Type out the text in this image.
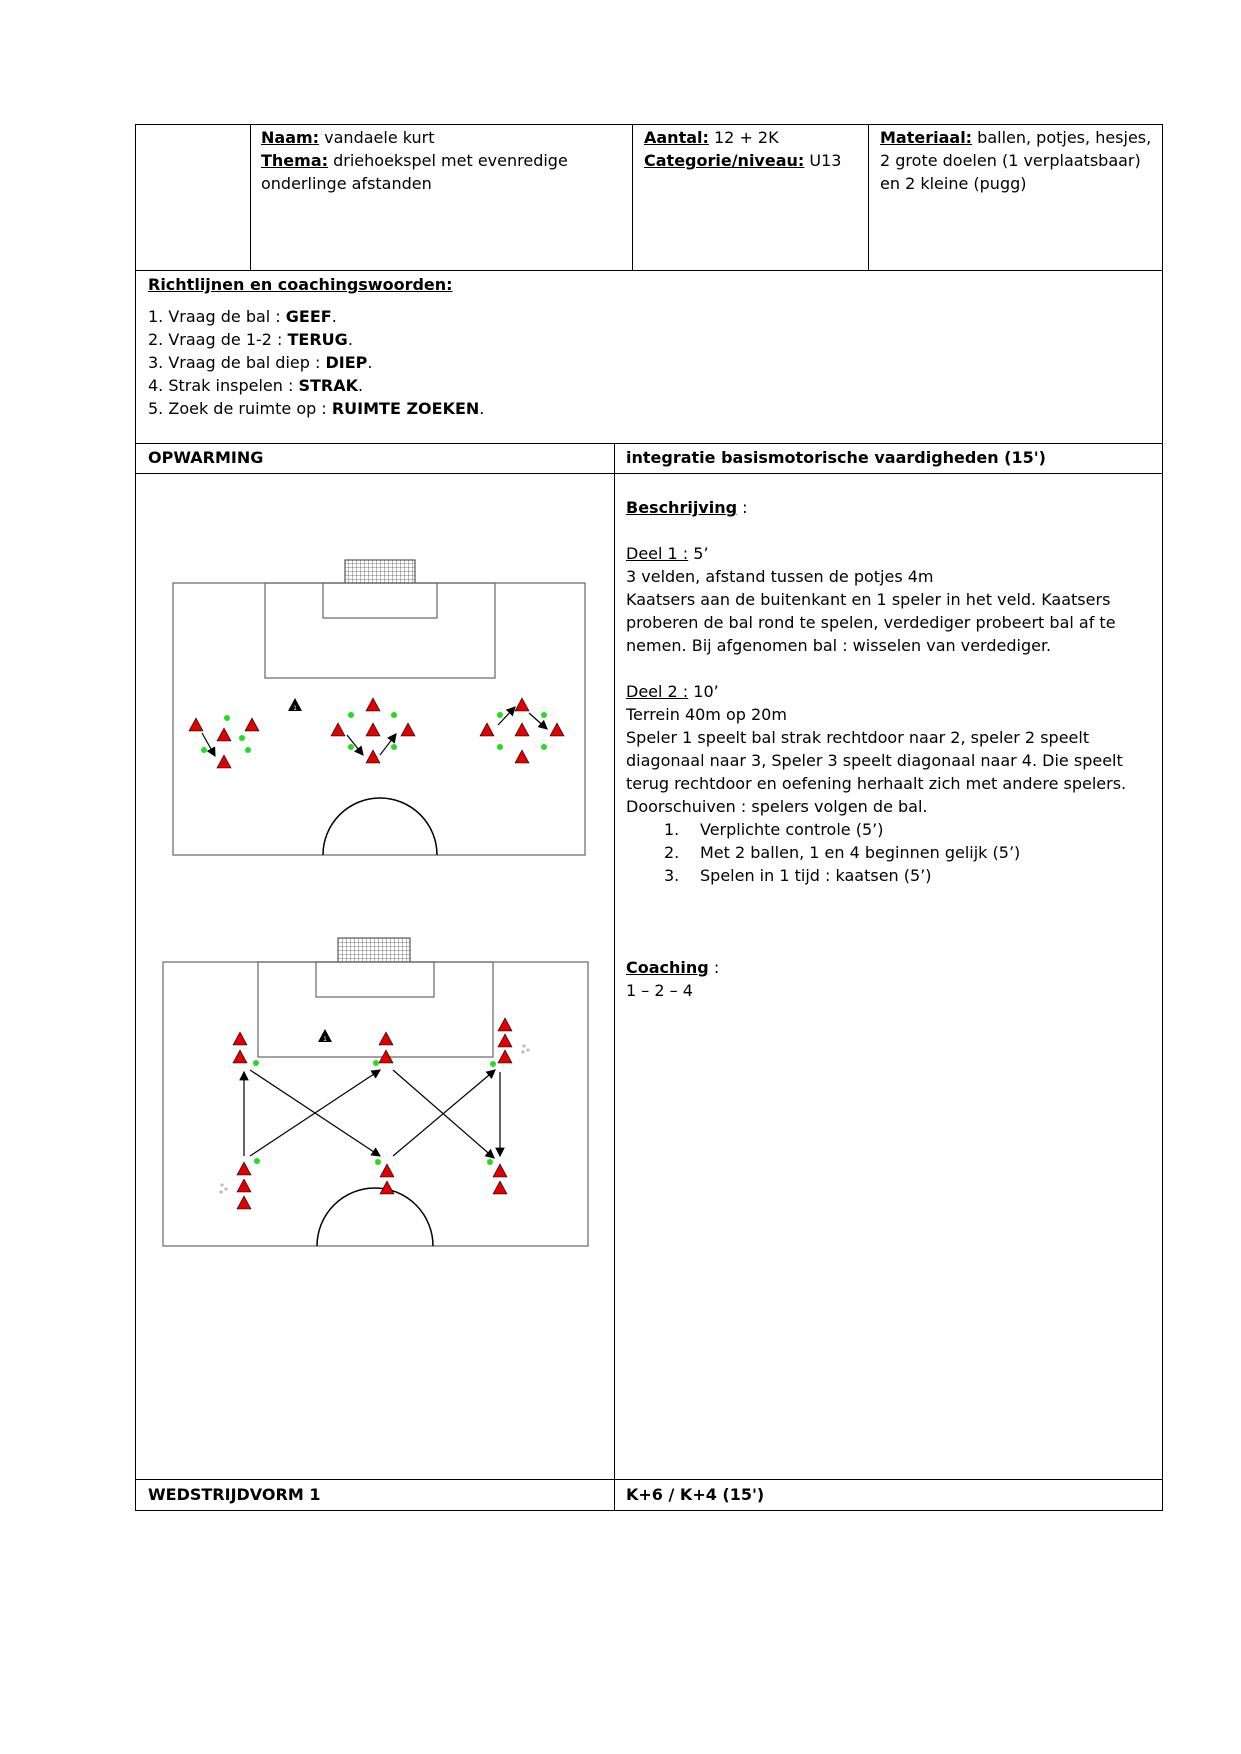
Naam: vandaele kurt
Thema: driehoekspel met evenredige onderlinge afstanden
Aantal: 12 + 2K
Categorie/niveau: U13
Materiaal: ballen, potjes, hesjes, 2 grote doelen (1 verplaatsbaar) en 2 kleine (pugg)
Richtlijnen en coachingswoorden:
1. Vraag de bal : GEEF.
2. Vraag de 1-2 : TERUG.
3. Vraag de bal diep : DIEP.
4. Strak inspelen : STRAK.
5. Zoek de ruimte op : RUIMTE ZOEKEN.
OPWARMING	integratie basismotorische vaardigheden (15')
Beschrijving :
Deel 1 : 5’
3 velden, afstand tussen de potjes 4m
Kaatsers aan de buitenkant en 1 speler in het veld. Kaatsers proberen de bal rond te spelen, verdediger probeert bal af te nemen. Bij afgenomen bal : wisselen van verdediger.
Deel 2 : 10’
Terrein 40m op 20m
Speler 1 speelt bal strak rechtdoor naar 2, speler 2 speelt diagonaal naar 3, Speler 3 speelt diagonaal naar 4. Die speelt terug rechtdoor en oefening herhaalt zich met andere spelers. Doorschuiven : spelers volgen de bal.
1. Verplichte controle (5’)
2. Met 2 ballen, 1 en 4 beginnen gelijk (5’)
3. Spelen in 1 tijd : kaatsen (5’)
Coaching :
1 – 2 – 4
1
1
WEDSTRIJDVORM 1	K+6 / K+4 (15')
